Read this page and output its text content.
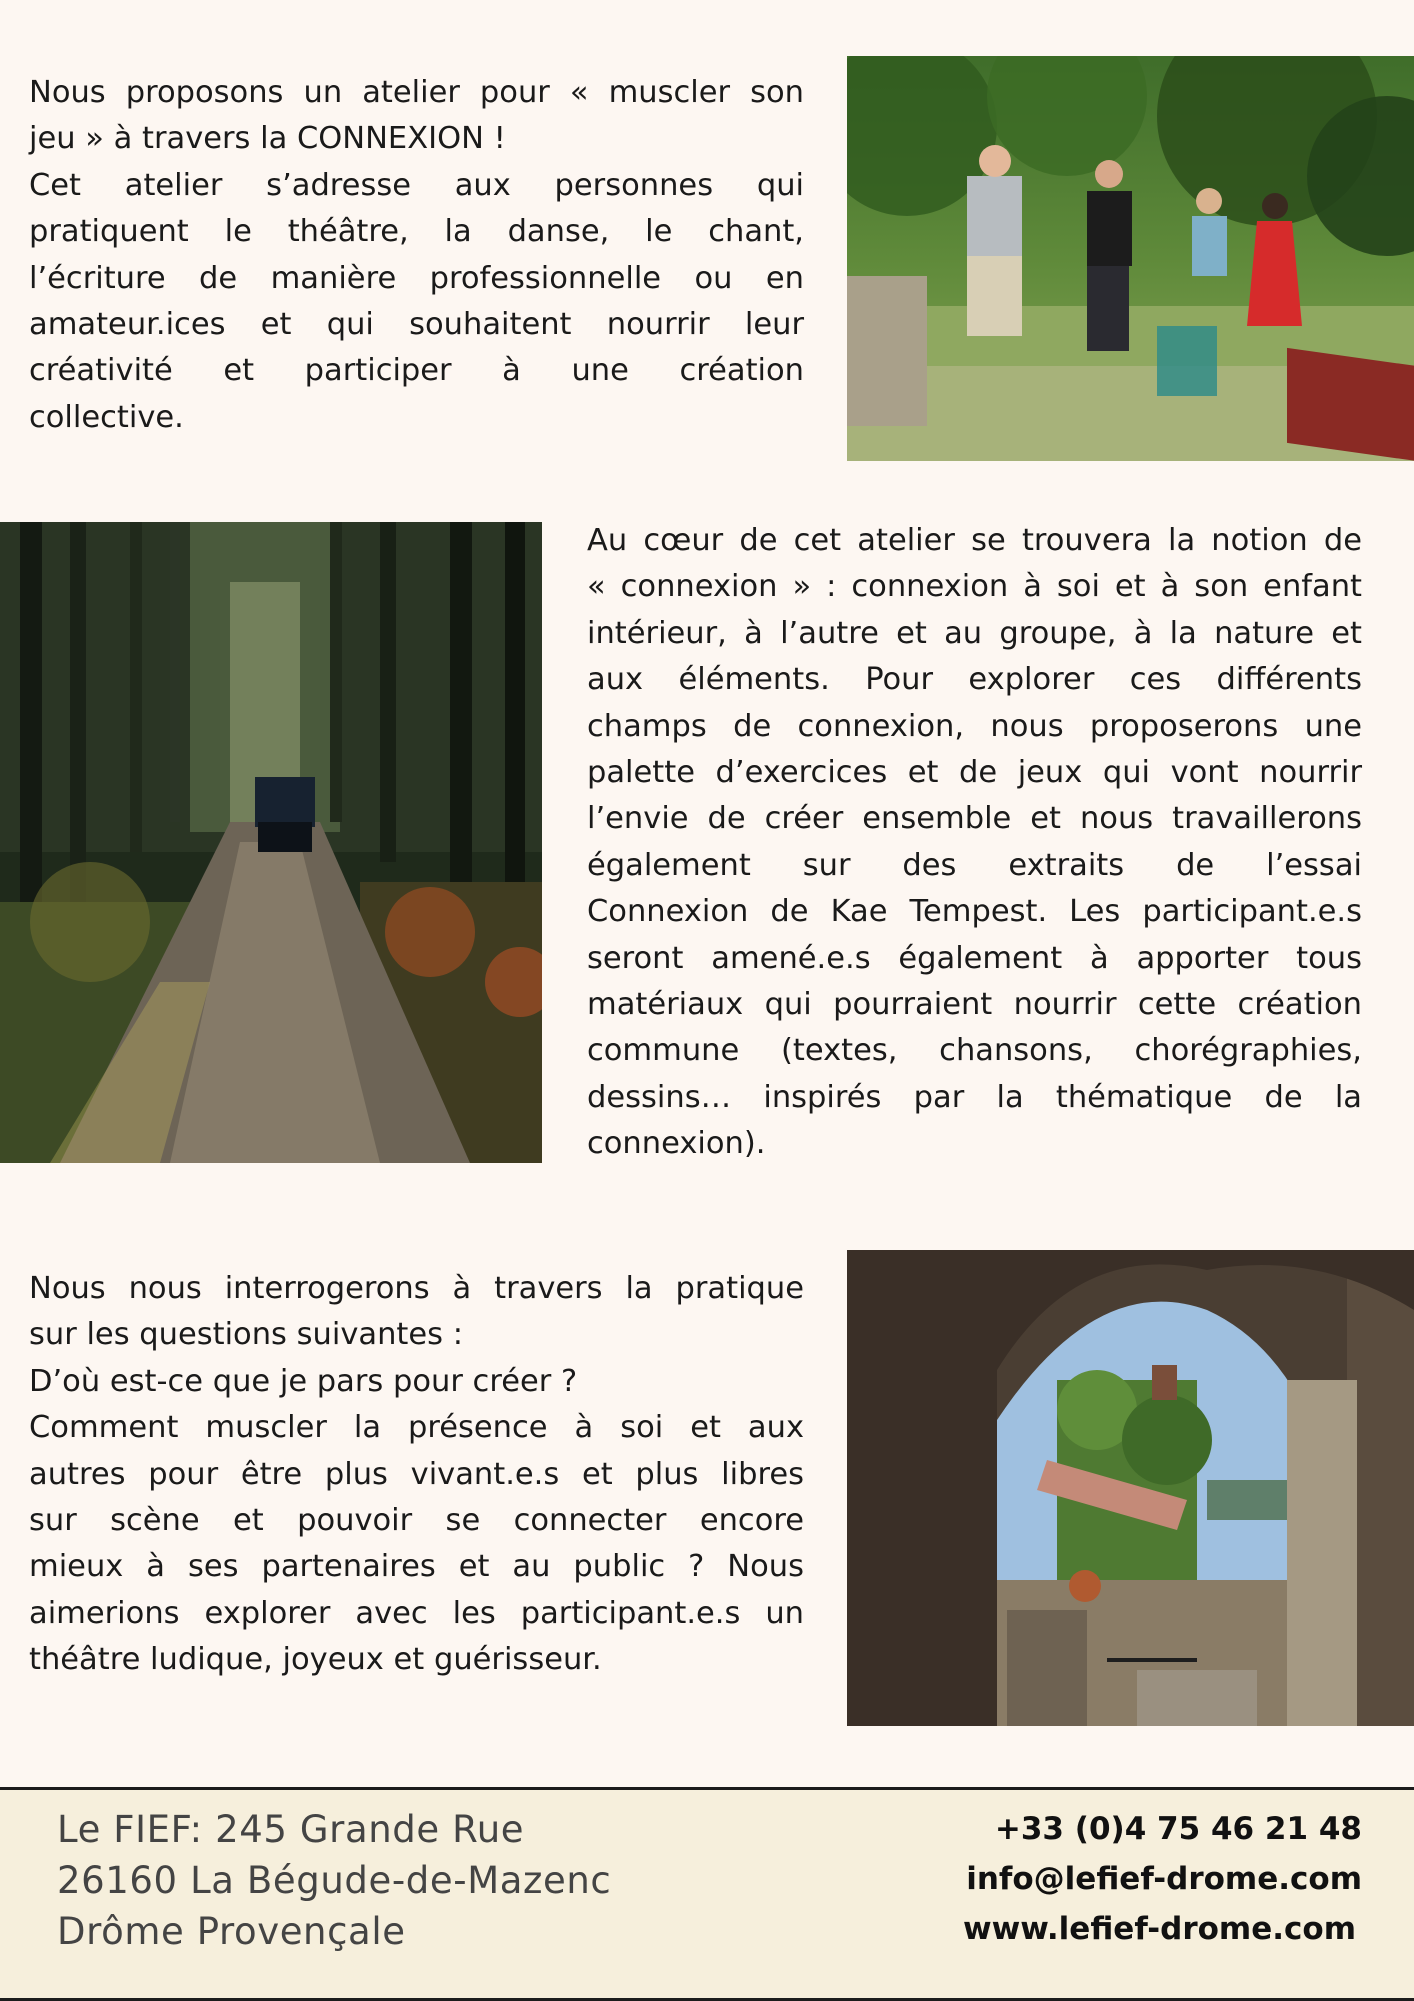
Nous proposons un atelier pour « muscler son
jeu » à travers la CONNEXION !
Cet atelier s’adresse aux personnes qui
pratiquent le théâtre, la danse, le chant,
l’écriture de manière professionnelle ou en
amateur.ices et qui souhaitent nourrir leur
créativité et participer à une création
collective.
Au cœur de cet atelier se trouvera la notion de
« connexion » : connexion à soi et à son enfant
intérieur, à l’autre et au groupe, à la nature et
aux éléments. Pour explorer ces différents
champs de connexion, nous proposerons une
palette d’exercices et de jeux qui vont nourrir
l’envie de créer ensemble et nous travaillerons
également sur des extraits de l’essai
Connexion de Kae Tempest. Les participant.e.s
seront amené.e.s également à apporter tous
matériaux qui pourraient nourrir cette création
commune (textes, chansons, chorégraphies,
dessins… inspirés par la thématique de la
connexion).
Nous nous interrogerons à travers la pratique
sur les questions suivantes :
D’où est-ce que je pars pour créer ?
Comment muscler la présence à soi et aux
autres pour être plus vivant.e.s et plus libres
sur scène et pouvoir se connecter encore
mieux à ses partenaires et au public ? Nous
aimerions explorer avec les participant.e.s un
théâtre ludique, joyeux et guérisseur.
Le FIEF: 245 Grande Rue
26160 La Bégude-de-Mazenc
Drôme Provençale
+33 (0)4 75 46 21 48
info@lefief-drome.com
www.lefief-drome.com
